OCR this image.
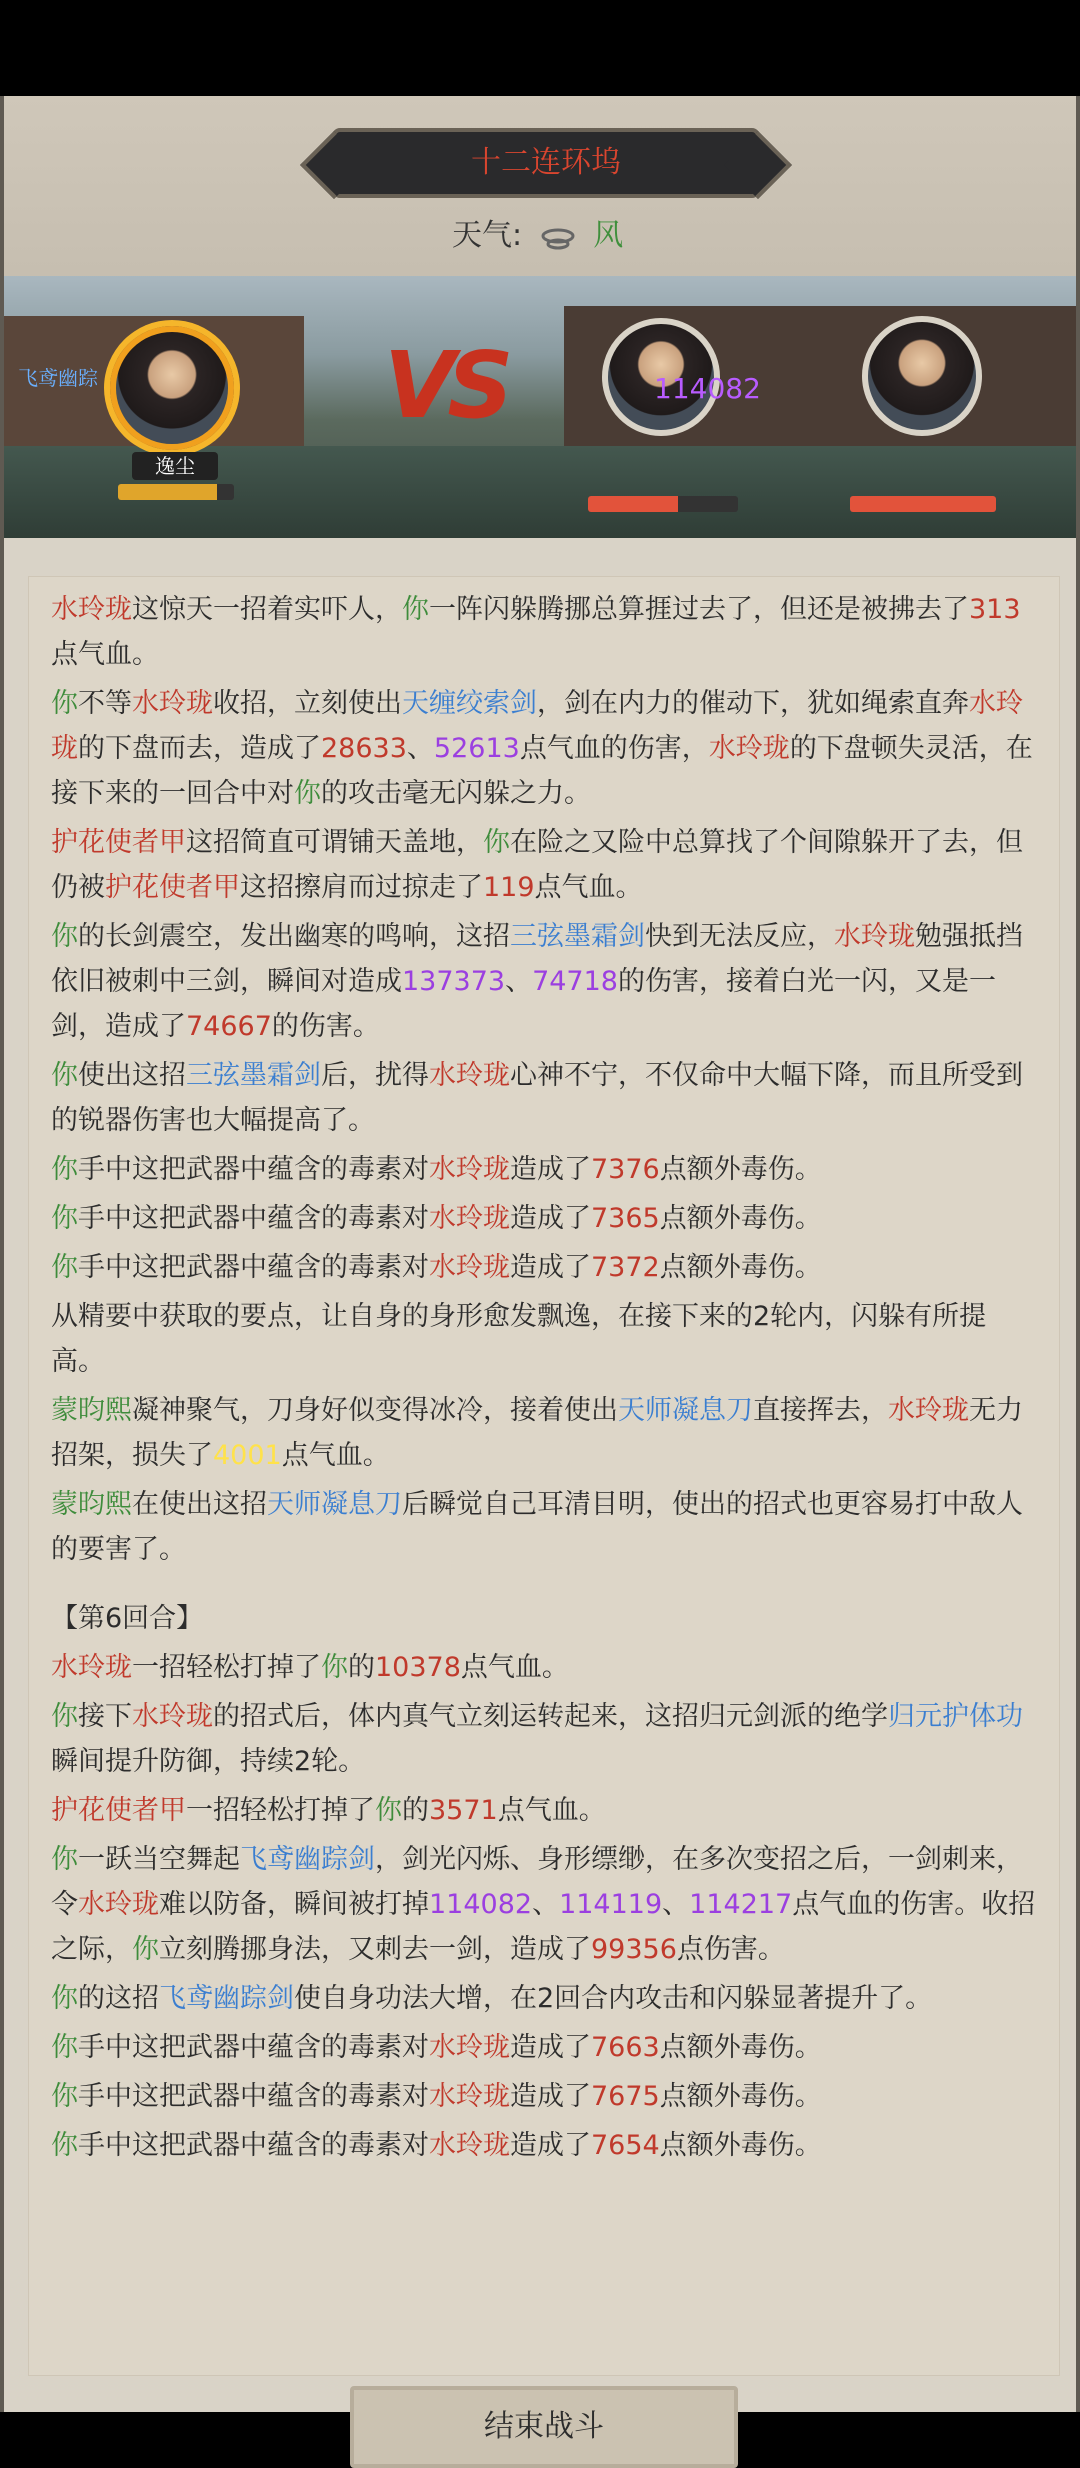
十二连环坞
天气: 风
飞鸢幽踪
逸尘
VS	114082
水玲珑这惊天一招着实吓人，你一阵闪躲腾挪总算捱过去了，但还是被拂去了313点气血。
你不等水玲珑收招，立刻使出天缠绞索剑，剑在内力的催动下，犹如绳索直奔水玲珑的下盘而去，造成了28633、52613点气血的伤害，水玲珑的下盘顿失灵活，在接下来的一回合中对你的攻击毫无闪躲之力。
护花使者甲这招简直可谓铺天盖地，你在险之又险中总算找了个间隙躲开了去，但仍被护花使者甲这招擦肩而过掠走了119点气血。
你的长剑震空，发出幽寒的鸣响，这招三弦墨霜剑快到无法反应，水玲珑勉强抵挡依旧被刺中三剑，瞬间对造成137373、74718的伤害，接着白光一闪，又是一剑，造成了74667的伤害。
你使出这招三弦墨霜剑后，扰得水玲珑心神不宁，不仅命中大幅下降，而且所受到的锐器伤害也大幅提高了。
你手中这把武器中蕴含的毒素对水玲珑造成了7376点额外毒伤。
你手中这把武器中蕴含的毒素对水玲珑造成了7365点额外毒伤。
你手中这把武器中蕴含的毒素对水玲珑造成了7372点额外毒伤。
从精要中获取的要点，让自身的身形愈发飘逸，在接下来的2轮内，闪躲有所提高。
蒙昀熙凝神聚气，刀身好似变得冰冷，接着使出天师凝息刀直接挥去，水玲珑无力招架，损失了4001点气血。
蒙昀熙在使出这招天师凝息刀后瞬觉自己耳清目明，使出的招式也更容易打中敌人的要害了。
【第6回合】
水玲珑一招轻松打掉了你的10378点气血。
你接下水玲珑的招式后，体内真气立刻运转起来，这招归元剑派的绝学归元护体功瞬间提升防御，持续2轮。
护花使者甲一招轻松打掉了你的3571点气血。
你一跃当空舞起飞鸢幽踪剑，剑光闪烁、身形缥缈，在多次变招之后，一剑刺来，令水玲珑难以防备，瞬间被打掉114082、114119、114217点气血的伤害。收招之际，你立刻腾挪身法，又刺去一剑，造成了99356点伤害。
你的这招飞鸢幽踪剑使自身功法大增，在2回合内攻击和闪躲显著提升了。
你手中这把武器中蕴含的毒素对水玲珑造成了7663点额外毒伤。
你手中这把武器中蕴含的毒素对水玲珑造成了7675点额外毒伤。
你手中这把武器中蕴含的毒素对水玲珑造成了7654点额外毒伤。
结束战斗
